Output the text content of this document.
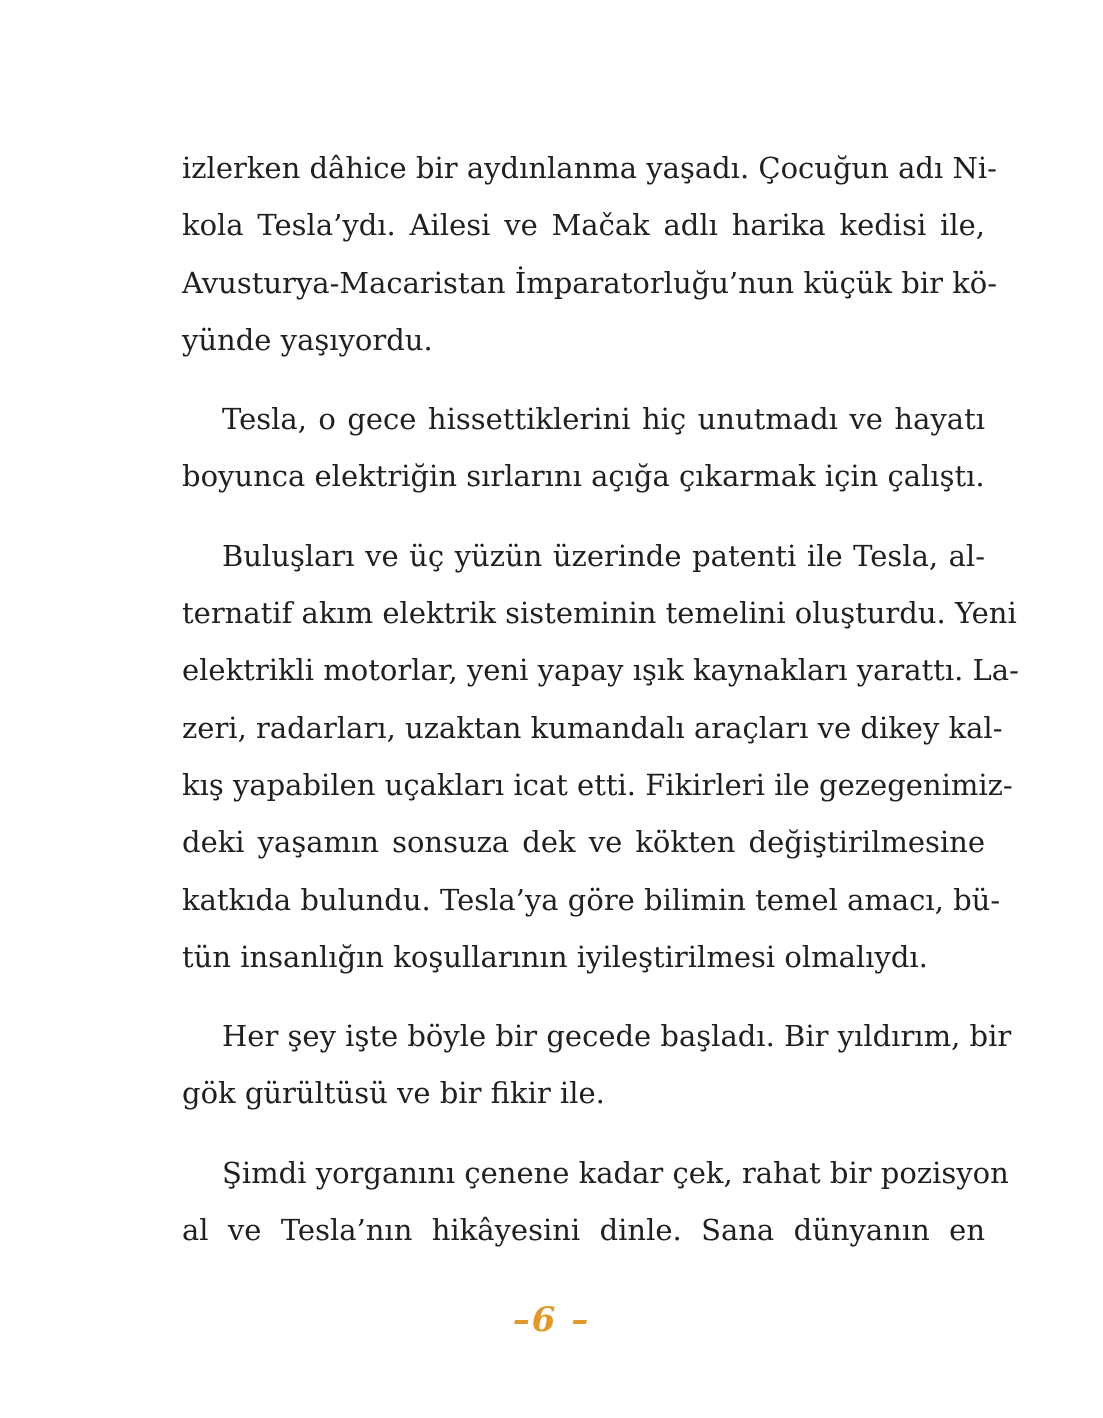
izlerken dâhice bir aydınlanma yaşadı. Çocuğun adı Ni-
kola Tesla’ydı. Ailesi ve Mačak adlı harika kedisi ile,
Avusturya-Macaristan İmparatorluğu’nun küçük bir kö-
yünde yaşıyordu.
Tesla, o gece hissettiklerini hiç unutmadı ve hayatı
boyunca elektriğin sırlarını açığa çıkarmak için çalıştı.
Buluşları ve üç yüzün üzerinde patenti ile Tesla, al-
ternatif akım elektrik sisteminin temelini oluşturdu. Yeni
elektrikli motorlar, yeni yapay ışık kaynakları yarattı. La-
zeri, radarları, uzaktan kumandalı araçları ve dikey kal-
kış yapabilen uçakları icat etti. Fikirleri ile gezegenimiz-
deki yaşamın sonsuza dek ve kökten değiştirilmesine
katkıda bulundu. Tesla’ya göre bilimin temel amacı, bü-
tün insanlığın koşullarının iyileştirilmesi olmalıydı.
Her şey işte böyle bir gecede başladı. Bir yıldırım, bir
gök gürültüsü ve bir fikir ile.
Şimdi yorganını çenene kadar çek, rahat bir pozisyon
al ve Tesla’nın hikâyesini dinle. Sana dünyanın en
–6 –
